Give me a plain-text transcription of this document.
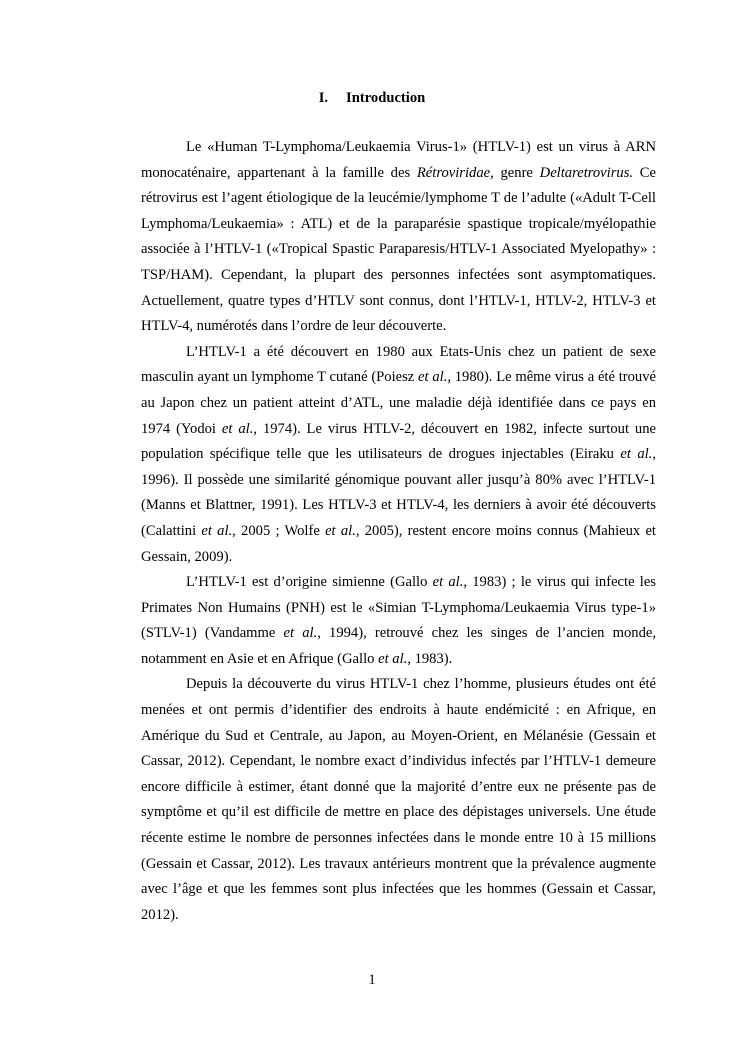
I. Introduction

Le «Human T-Lymphoma/Leukaemia Virus-1» (HTLV-1) est un virus à ARN monocaténaire, appartenant à la famille des Rétroviridae, genre Deltaretrovirus. Ce rétrovirus est l’agent étiologique de la leucémie/lymphome T de l’adulte («Adult T-Cell Lymphoma/Leukaemia» : ATL) et de la paraparésie spastique tropicale/myélopathie associée à l’HTLV-1 («Tropical Spastic Paraparesis/HTLV-1 Associated Myelopathy» : TSP/HAM). Cependant, la plupart des personnes infectées sont asymptomatiques. Actuellement, quatre types d’HTLV sont connus, dont l’HTLV-1, HTLV-2, HTLV-3 et HTLV-4, numérotés dans l’ordre de leur découverte.

L’HTLV-1 a été découvert en 1980 aux Etats-Unis chez un patient de sexe masculin ayant un lymphome T cutané (Poiesz et al., 1980). Le même virus a été trouvé au Japon chez un patient atteint d’ATL, une maladie déjà identifiée dans ce pays en 1974 (Yodoi et al., 1974). Le virus HTLV-2, découvert en 1982, infecte surtout une population spécifique telle que les utilisateurs de drogues injectables (Eiraku et al., 1996). Il possède une similarité génomique pouvant aller jusqu’à 80% avec l’HTLV-1 (Manns et Blattner, 1991). Les HTLV-3 et HTLV-4, les derniers à avoir été découverts (Calattini et al., 2005 ; Wolfe et al., 2005), restent encore moins connus (Mahieux et Gessain, 2009).

L’HTLV-1 est d’origine simienne (Gallo et al., 1983) ; le virus qui infecte les Primates Non Humains (PNH) est le «Simian T-Lymphoma/Leukaemia Virus type-1» (STLV-1) (Vandamme et al., 1994), retrouvé chez les singes de l’ancien monde, notamment en Asie et en Afrique (Gallo et al., 1983).

Depuis la découverte du virus HTLV-1 chez l’homme, plusieurs études ont été menées et ont permis d’identifier des endroits à haute endémicité : en Afrique, en Amérique du Sud et Centrale, au Japon, au Moyen-Orient, en Mélanésie (Gessain et Cassar, 2012). Cependant, le nombre exact d’individus infectés par l’HTLV-1 demeure encore difficile à estimer, étant donné que la majorité d’entre eux ne présente pas de symptôme et qu’il est difficile de mettre en place des dépistages universels. Une étude récente estime le nombre de personnes infectées dans le monde entre 10 à 15 millions (Gessain et Cassar, 2012). Les travaux antérieurs montrent que la prévalence augmente avec l’âge et que les femmes sont plus infectées que les hommes (Gessain et Cassar, 2012).

1
